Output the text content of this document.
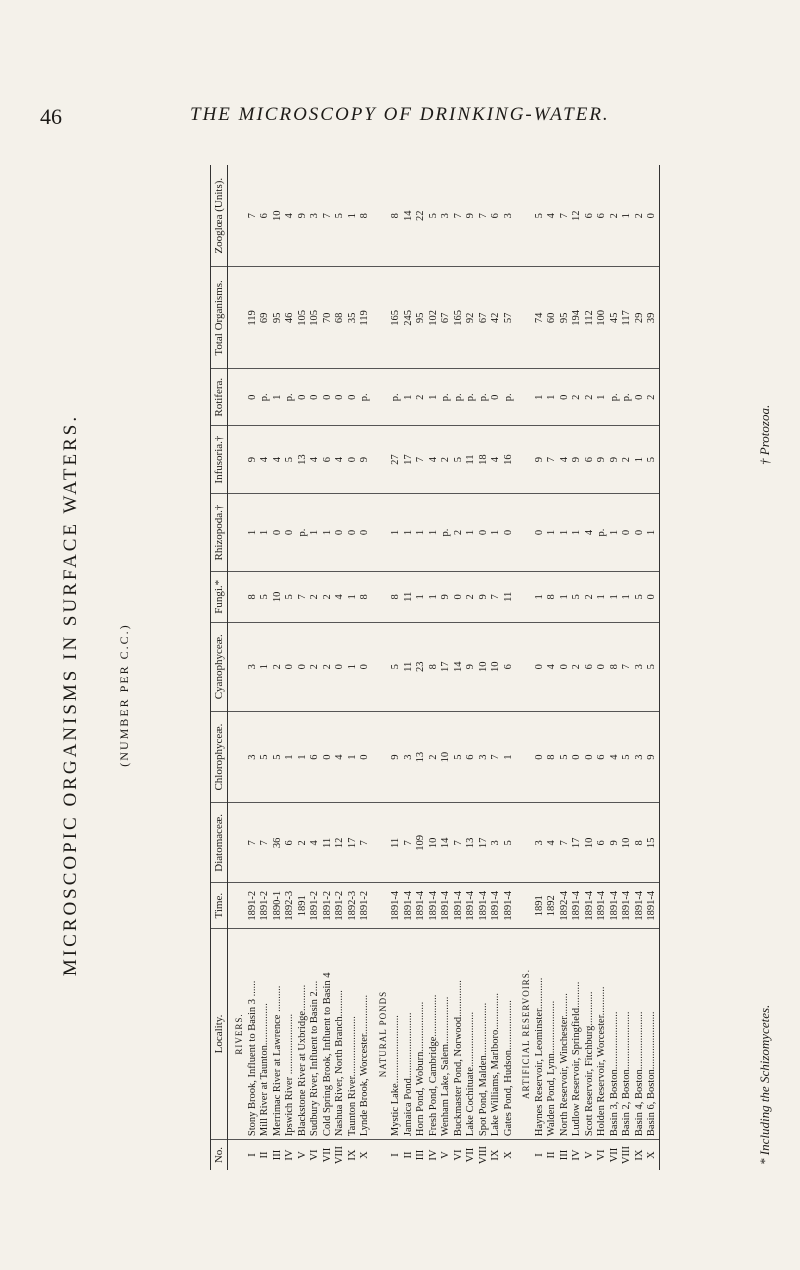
46	THE MICROSCOPY OF DRINKING-WATER.
MICROSCOPIC ORGANISMS IN SURFACE WATERS.	(NUMBER PER C.C.)
No.	Locality.	Time.	Diatomaceæ.	Chlorophyceæ.	Cyanophyceæ.	Fungi.*	Rhizopoda.†	Infusoria.†	Rotifera.	Total Organisms.	Zooglœa (Units).
	RIVERS.										
I	Stony Brook, Influent to Basin 3 ......	1891-2	7	3	3	8	1	9	0	119	7
II	Mill River at Taunton................	1891-2	7	5	1	5	1	4	p.	69	6
III	Merrimac River at Lawrence ..........	1890-1	36	5	2	10	0	4	1	95	10
IV	Ipswich River .......................	1892-3	6	1	0	5	0	5	p.	46	4
V	Blackstone River at Uxbridge..........	1891	2	1	0	7	p.	13	0	105	9
VI	Sudbury River, Influent to Basin 2....	1891-2	4	6	2	2	1	4	0	105	3
VII	Cold Spring Brook, Influent to Basin 4	1891-2	11	0	2	2	1	6	0	70	7
VIII	Nashua River, North Branch..........	1891-2	12	4	0	4	0	4	0	68	5
IX	Taunton River.......................	1892-3	17	1	1	1	0	0	0	35	1
X	Lynde Brook, Worcester...............	1891-2	7	0	0	8	0	9	p.	119	8
	NATURAL PONDS										
I	Mystic Lake..........................	1891-4	11	9	5	8	1	27	p.	165	8
II	Jamaica Pond.........................	1891-4	7	3	11	11	1	17	1	245	14
III	Horn Pond, Woburn...................	1891-4	109	13	23	1	1	7	2	95	22
IV	Fresh Pond, Cambridge................	1891-4	10	2	8	1	1	4	1	102	5
V	Wenham Lake, Salem..................	1891-4	14	10	17	9	p.	2	p.	67	3
VI	Buckmaster Pond, Norwood..............	1891-4	7	5	14	0	2	5	p.	165	7
VII	Lake Cochituate.....................	1891-4	13	6	9	2	1	11	p.	92	9
VIII	Spot Pond, Malden....................	1891-4	17	3	10	9	0	18	p.	67	7
IX	Lake Williams, Marlboro..............	1891-4	3	7	10	7	1	4	0	42	6
X	Gates Pond, Hudson...................	1891-4	5	1	6	11	0	16	p.	57	3
	ARTIFICIAL RESERVOIRS.										
I	Haynes Reservoir, Leominster............	1891	3	0	0	1	0	9	1	74	5
II	Walden Pond, Lynn....................	1892	4	8	4	8	1	7	1	60	4
III	North Reservoir, Winchester.........	1892-4	7	5	0	1	1	4	0	95	7
IV	Ludlow Reservoir, Springfield..........	1891-4	17	0	2	5	1	9	2	194	12
V	Scott Reservoir, Fitchburg.............	1891-4	10	0	6	2	4	6	2	112	6
VI	Holden Reservoir, Worcester...........	1891-4	6	6	0	1	p.	9	1	100	6
VII	Basin 3, Boston......................	1891-4	9	4	8	1	1	9	p.	45	2
VIII	Basin 2, Boston......................	1891-4	10	5	7	1	0	2	p.	117	1
IX	Basin 4, Boston......................	1891-4	8	3	3	5	0	1	0	29	2
X	Basin 6, Boston......................	1891-4	15	9	5	0	1	5	2	39	0
* Including the Schizomycetes.
† Protozoa.
